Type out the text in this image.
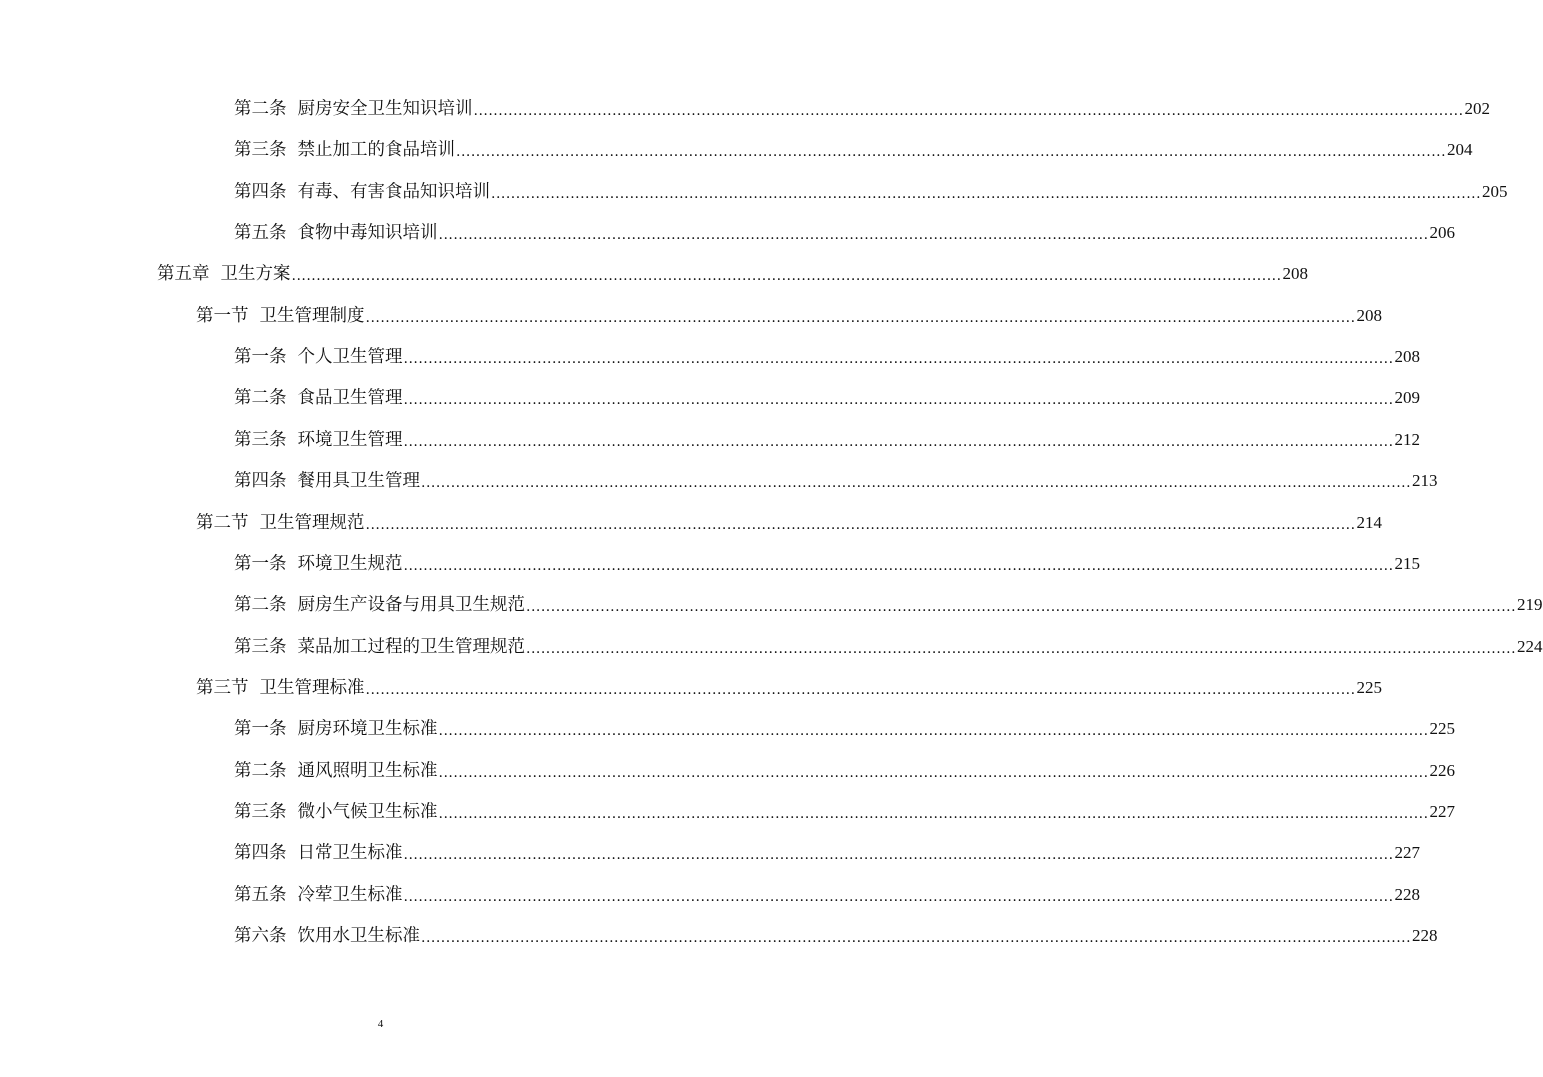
第二条 厨房安全卫生知识培训 ........................................................................................................................................................................................................ 202
第三条 禁止加工的食品培训 ........................................................................................................................................................................................................ 204
第四条 有毒、有害食品知识培训 ........................................................................................................................................................................................................ 205
第五条 食物中毒知识培训 ........................................................................................................................................................................................................ 206
第五章 卫生方案 ........................................................................................................................................................................................................ 208
第一节 卫生管理制度 ........................................................................................................................................................................................................ 208
第一条 个人卫生管理 ........................................................................................................................................................................................................ 208
第二条 食品卫生管理 ........................................................................................................................................................................................................ 209
第三条 环境卫生管理 ........................................................................................................................................................................................................ 212
第四条 餐用具卫生管理 ........................................................................................................................................................................................................ 213
第二节 卫生管理规范 ........................................................................................................................................................................................................ 214
第一条 环境卫生规范 ........................................................................................................................................................................................................ 215
第二条 厨房生产设备与用具卫生规范 ........................................................................................................................................................................................................ 219
第三条 菜品加工过程的卫生管理规范 ........................................................................................................................................................................................................ 224
第三节 卫生管理标准 ........................................................................................................................................................................................................ 225
第一条 厨房环境卫生标准 ........................................................................................................................................................................................................ 225
第二条 通风照明卫生标准 ........................................................................................................................................................................................................ 226
第三条 微小气候卫生标准 ........................................................................................................................................................................................................ 227
第四条 日常卫生标准 ........................................................................................................................................................................................................ 227
第五条 冷荤卫生标准 ........................................................................................................................................................................................................ 228
第六条 饮用水卫生标准 ........................................................................................................................................................................................................ 228
4
